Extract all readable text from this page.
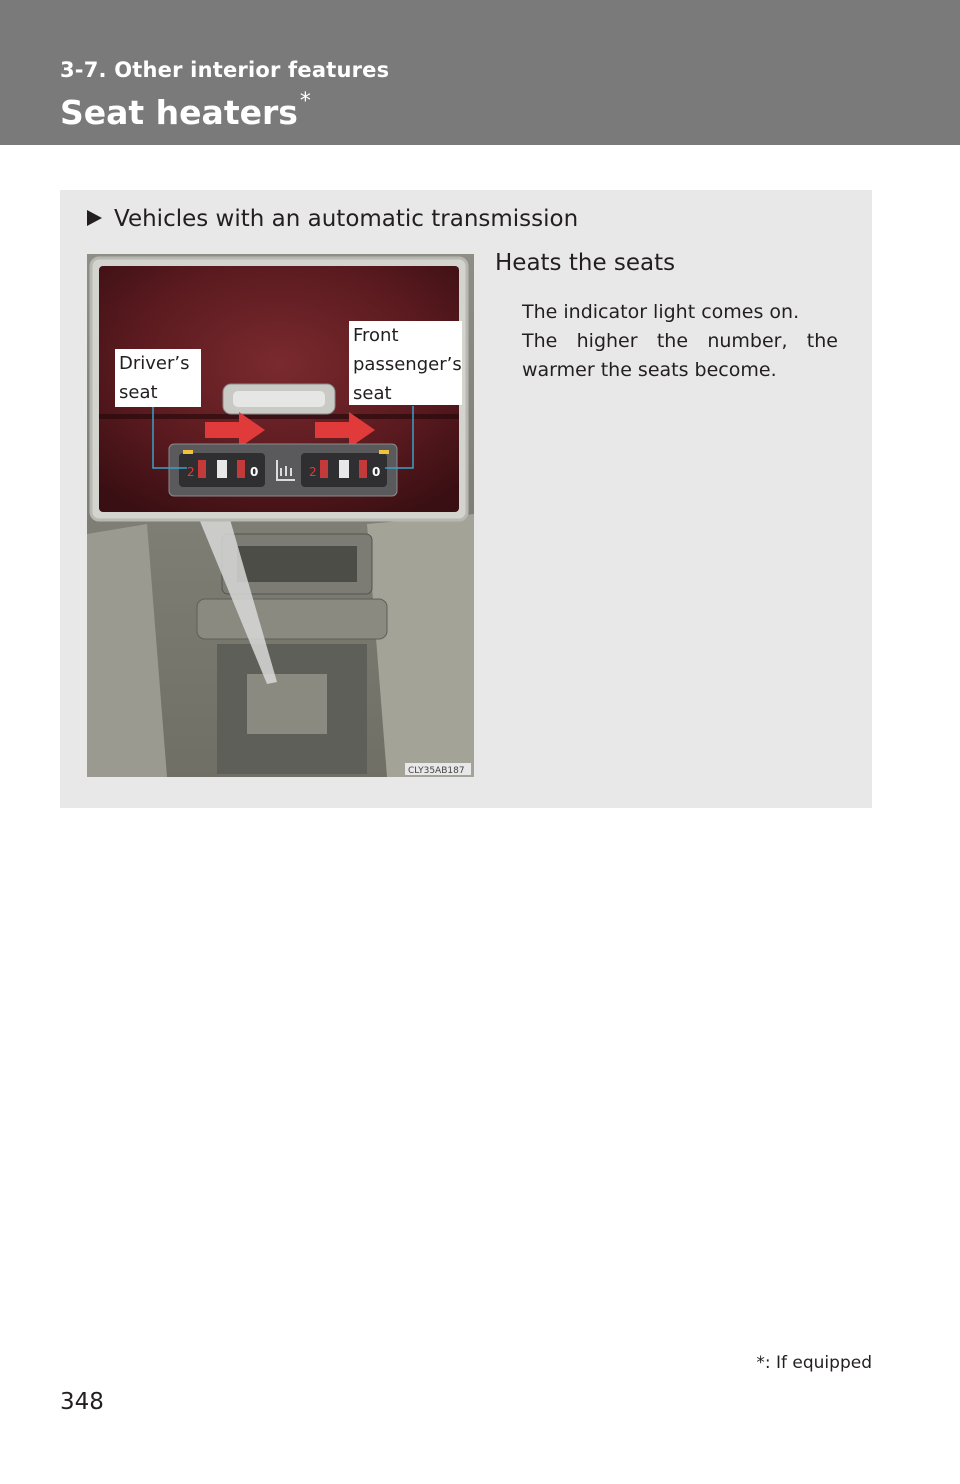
3-7. Other interior features
Seat heaters*
Vehicles with an automatic transmission
2	0	2	0
CLY35AB187
Driver’s
seat
Front
passenger’s
seat
Heats the seats
The indicator light comes on.
The higher the number, the
warmer the seats become.
*: If equipped
348
